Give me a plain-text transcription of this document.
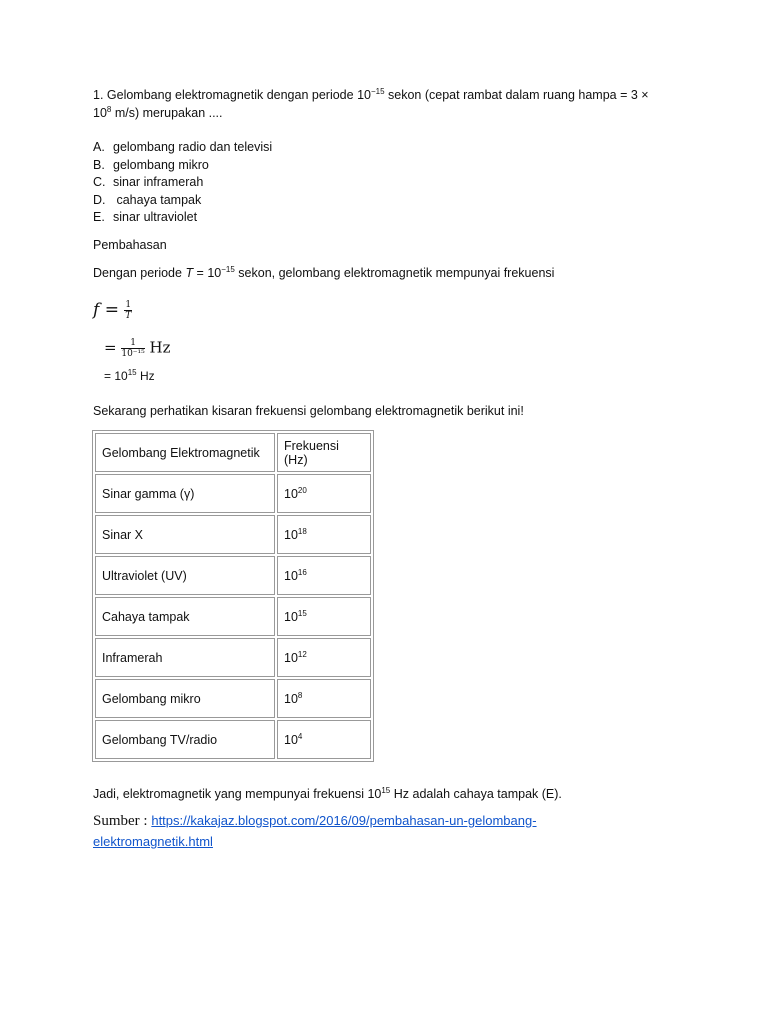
1. Gelombang elektromagnetik dengan periode $10^{-15}$ sekon (cepat rambat dalam ruang hampa = 3 ×
$10^8$ m/s) merupakan ....
A. gelombang radio dan televisi
B. gelombang mikro
C. sinar inframerah
D. cahaya tampak
E. sinar ultraviolet
Pembahasan
Dengan periode $T = 10^{-15}$ sekon, gelombang elektromagnetik mempunyai frekuensi
$f = \frac{1}{T}$
= $\frac{1}{\text{10⁻¹⁵}}$ Hz
= $10^{15}$ Hz
Sekarang perhatikan kisaran frekuensi gelombang elektromagnetik berikut ini!
Gelombang Elektromagnetik	Frekuensi (Hz)
Sinar gamma (γ)	$10^{20}$
Sinar X	$10^{18}$
Ultraviolet (UV)	$10^{16}$
Cahaya tampak	$10^{15}$
Inframerah	$10^{12}$
Gelombang mikro	$10^8$
Gelombang TV/radio	$10^4$
Jadi, elektromagnetik yang mempunyai frekuensi $10^{15}$ Hz adalah cahaya tampak (E).
Sumber : https://kakajaz.blogspot.com/2016/09/pembahasan-un-gelombang-
elektromagnetik.html
